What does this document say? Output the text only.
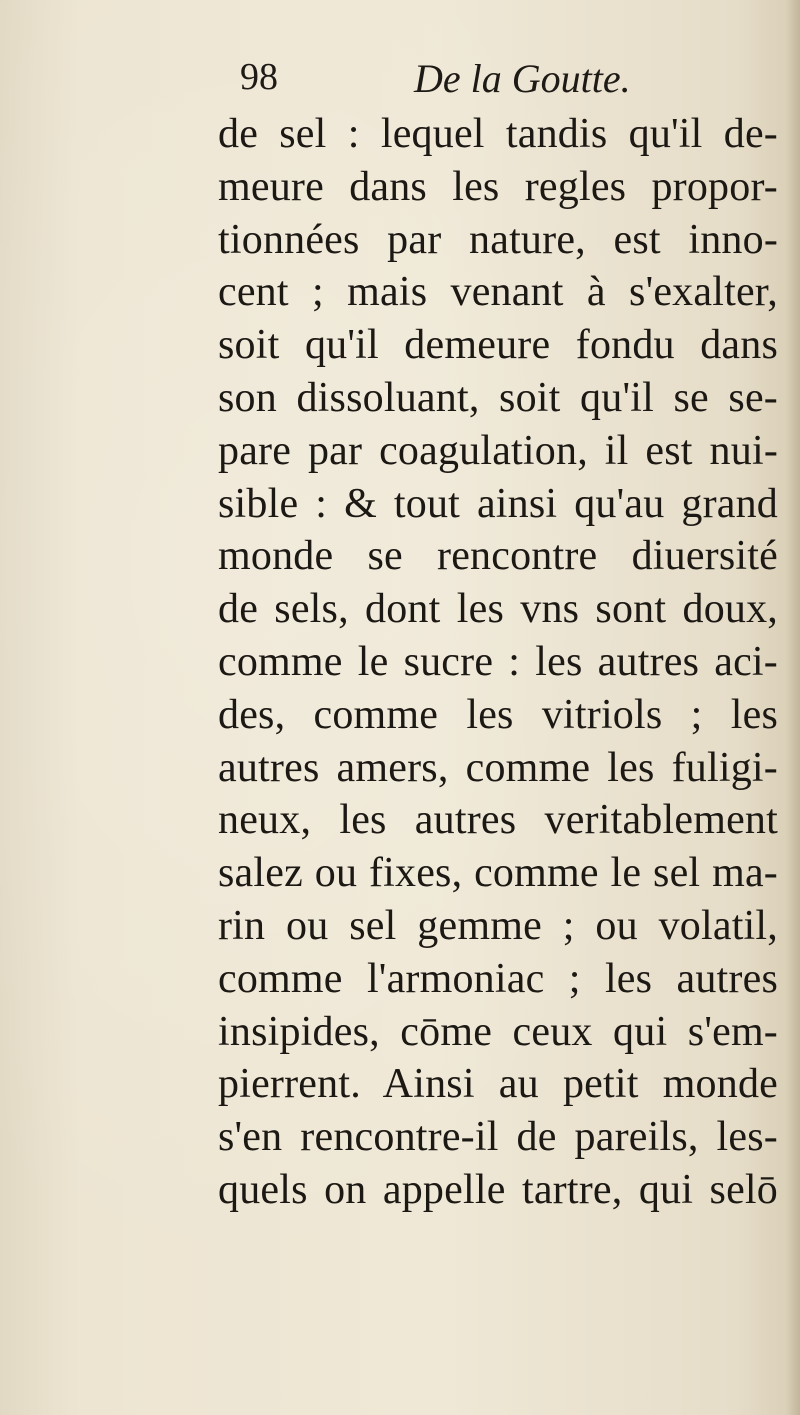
98	De la Goutte.
de sel : lequel tandis qu'il de-
meure dans les regles propor-
tionnées par nature, est inno-
cent ; mais venant à s'exalter,
soit qu'il demeure fondu dans
son dissoluant, soit qu'il se se-
pare par coagulation, il est nui-
sible : & tout ainsi qu'au grand
monde se rencontre diuersité
de sels, dont les vns sont doux,
comme le sucre : les autres aci-
des, comme les vitriols ; les
autres amers, comme les fuligi-
neux, les autres veritablement
salez ou fixes, comme le sel ma-
rin ou sel gemme ; ou volatil,
comme l'armoniac ; les autres
insipides, cōme ceux qui s'em-
pierrent. Ainsi au petit monde
s'en rencontre-il de pareils, les-
quels on appelle tartre, qui selō
